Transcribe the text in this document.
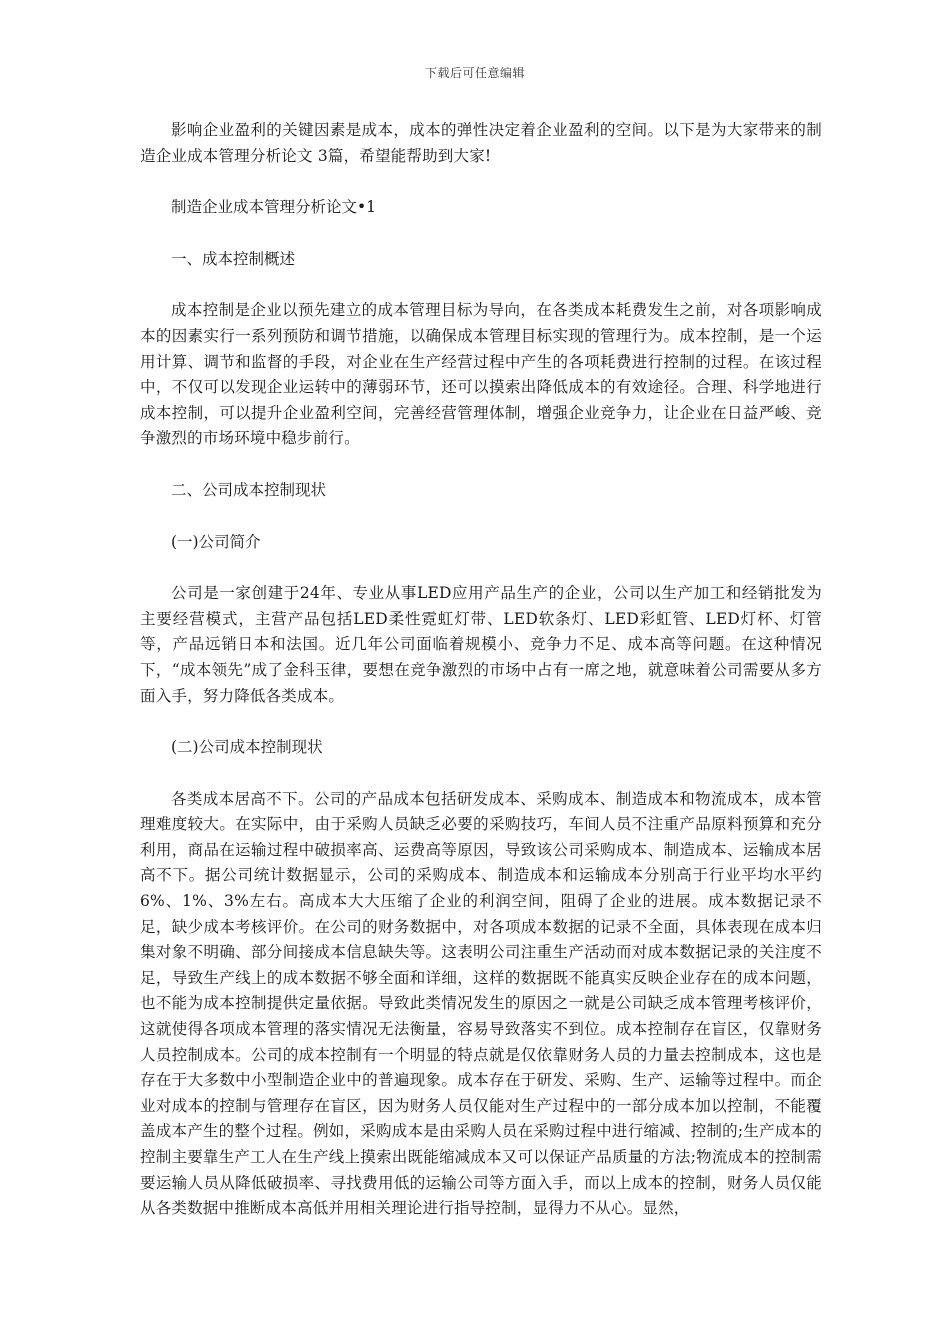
下载后可任意编辑

影响企业盈利的关键因素是成本，成本的弹性决定着企业盈利的空间。以下是为大家带来的制造企业成本管理分析论文 3篇，希望能帮助到大家!

制造企业成本管理分析论文•1

一、成本控制概述

成本控制是企业以预先建立的成本管理目标为导向，在各类成本耗费发生之前，对各项影响成本的因素实行一系列预防和调节措施，以确保成本管理目标实现的管理行为。成本控制，是一个运用计算、调节和监督的手段，对企业在生产经营过程中产生的各项耗费进行控制的过程。在该过程中，不仅可以发现企业运转中的薄弱环节，还可以摸索出降低成本的有效途径。合理、科学地进行成本控制，可以提升企业盈利空间，完善经营管理体制，增强企业竞争力，让企业在日益严峻、竞争激烈的市场环境中稳步前行。

二、公司成本控制现状

(一)公司简介

公司是一家创建于24年、专业从事LED应用产品生产的企业，公司以生产加工和经销批发为主要经营模式，主营产品包括LED柔性霓虹灯带、LED软条灯、LED彩虹管、LED灯杯、灯管等，产品远销日本和法国。近几年公司面临着规模小、竞争力不足、成本高等问题。在这种情况下，“成本领先”成了金科玉律，要想在竞争激烈的市场中占有一席之地，就意味着公司需要从多方面入手，努力降低各类成本。

(二)公司成本控制现状

各类成本居高不下。公司的产品成本包括研发成本、采购成本、制造成本和物流成本，成本管理难度较大。在实际中，由于采购人员缺乏必要的采购技巧，车间人员不注重产品原料预算和充分利用，商品在运输过程中破损率高、运费高等原因，导致该公司采购成本、制造成本、运输成本居高不下。据公司统计数据显示，公司的采购成本、制造成本和运输成本分别高于行业平均水平约6%、1%、3%左右。高成本大大压缩了企业的利润空间，阻碍了企业的进展。成本数据记录不足，缺少成本考核评价。在公司的财务数据中，对各项成本数据的记录不全面，具体表现在成本归集对象不明确、部分间接成本信息缺失等。这表明公司注重生产活动而对成本数据记录的关注度不足，导致生产线上的成本数据不够全面和详细，这样的数据既不能真实反映企业存在的成本问题，也不能为成本控制提供定量依据。导致此类情况发生的原因之一就是公司缺乏成本管理考核评价，这就使得各项成本管理的落实情况无法衡量，容易导致落实不到位。成本控制存在盲区，仅靠财务人员控制成本。公司的成本控制有一个明显的特点就是仅依靠财务人员的力量去控制成本，这也是存在于大多数中小型制造企业中的普遍现象。成本存在于研发、采购、生产、运输等过程中。而企业对成本的控制与管理存在盲区，因为财务人员仅能对生产过程中的一部分成本加以控制，不能覆盖成本产生的整个过程。例如，采购成本是由采购人员在采购过程中进行缩减、控制的;生产成本的控制主要靠生产工人在生产线上摸索出既能缩减成本又可以保证产品质量的方法;物流成本的控制需要运输人员从降低破损率、寻找费用低的运输公司等方面入手，而以上成本的控制，财务人员仅能从各类数据中推断成本高低并用相关理论进行指导控制，显得力不从心。显然，
